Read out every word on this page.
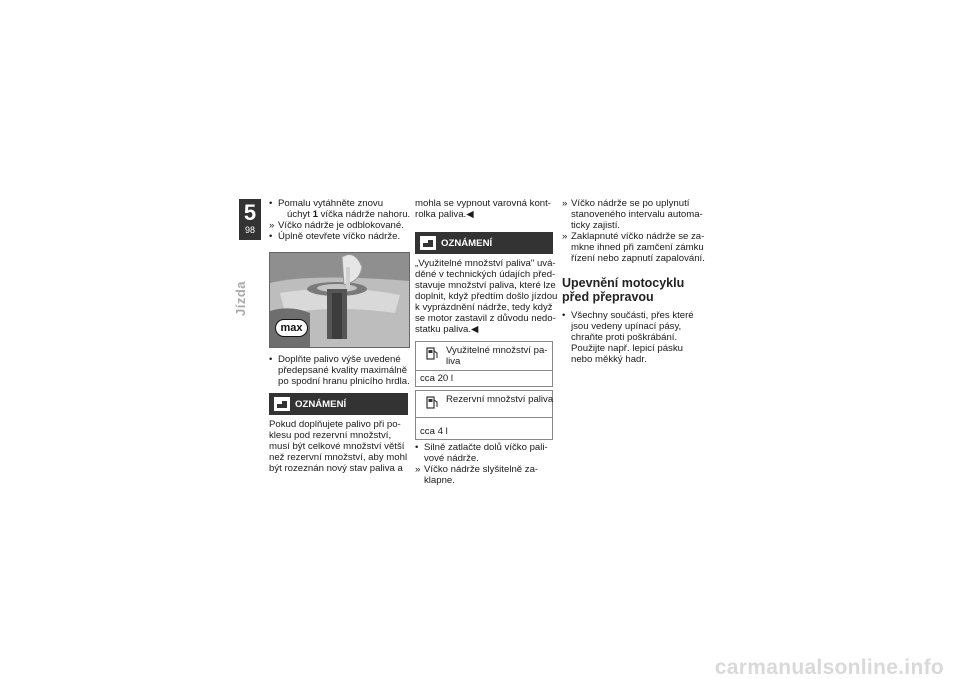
5
98
Jízda
• Pomalu vytáhněte znovu
úchyt 1 víčka nádrže nahoru.
» Víčko nádrže je odblokované.
• Úplně otevřete víčko nádrže.
max
• Doplňte palivo výše uvedené
předepsané kvality maximálně
po spodní hranu plnicího hrdla.
OZNÁMENÍ
Pokud doplňujete palivo při po-
klesu pod rezervní množství,
musí být celkové množství větší
než rezervní množství, aby mohl
být rozeznán nový stav paliva a
mohla se vypnout varovná kont-
rolka paliva.◀
OZNÁMENÍ
„Využitelné množství paliva" uvá-
děné v technických údajích před-
stavuje množství paliva, které lze
doplnit, když předtím došlo jízdou
k vyprázdnění nádrže, tedy když
se motor zastavil z důvodu nedo-
statku paliva.◀
Využitelné množství pa-
liva
cca 20 l
Rezervní množství paliva
cca 4 l
• Silně zatlačte dolů víčko pali-
vové nádrže.
» Víčko nádrže slyšitelně za-
klapne.
» Víčko nádrže se po uplynutí
stanoveného intervalu automa-
ticky zajistí.
» Zaklapnuté víčko nádrže se za-
mkne ihned při zamčení zámku
řízení nebo zapnutí zapalování.
Upevnění motocyklu
před přepravou
• Všechny součásti, přes které
jsou vedeny upínací pásy,
chraňte proti poškrábání.
Použijte např. lepicí pásku
nebo měkký hadr.
carmanualsonline.info
